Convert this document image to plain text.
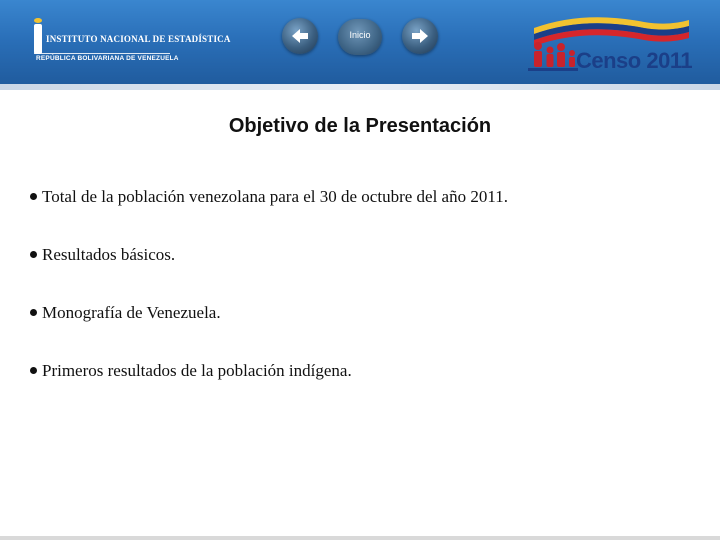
INSTITUTO NACIONAL DE ESTADÍSTICA
REPÚBLICA BOLIVARIANA DE VENEZUELA
Inicio
Censo 2011
Objetivo de la Presentación
Total de la población venezolana para el 30 de octubre del año 2011.
Resultados básicos.
Monografía de Venezuela.
Primeros resultados de la población indígena.
